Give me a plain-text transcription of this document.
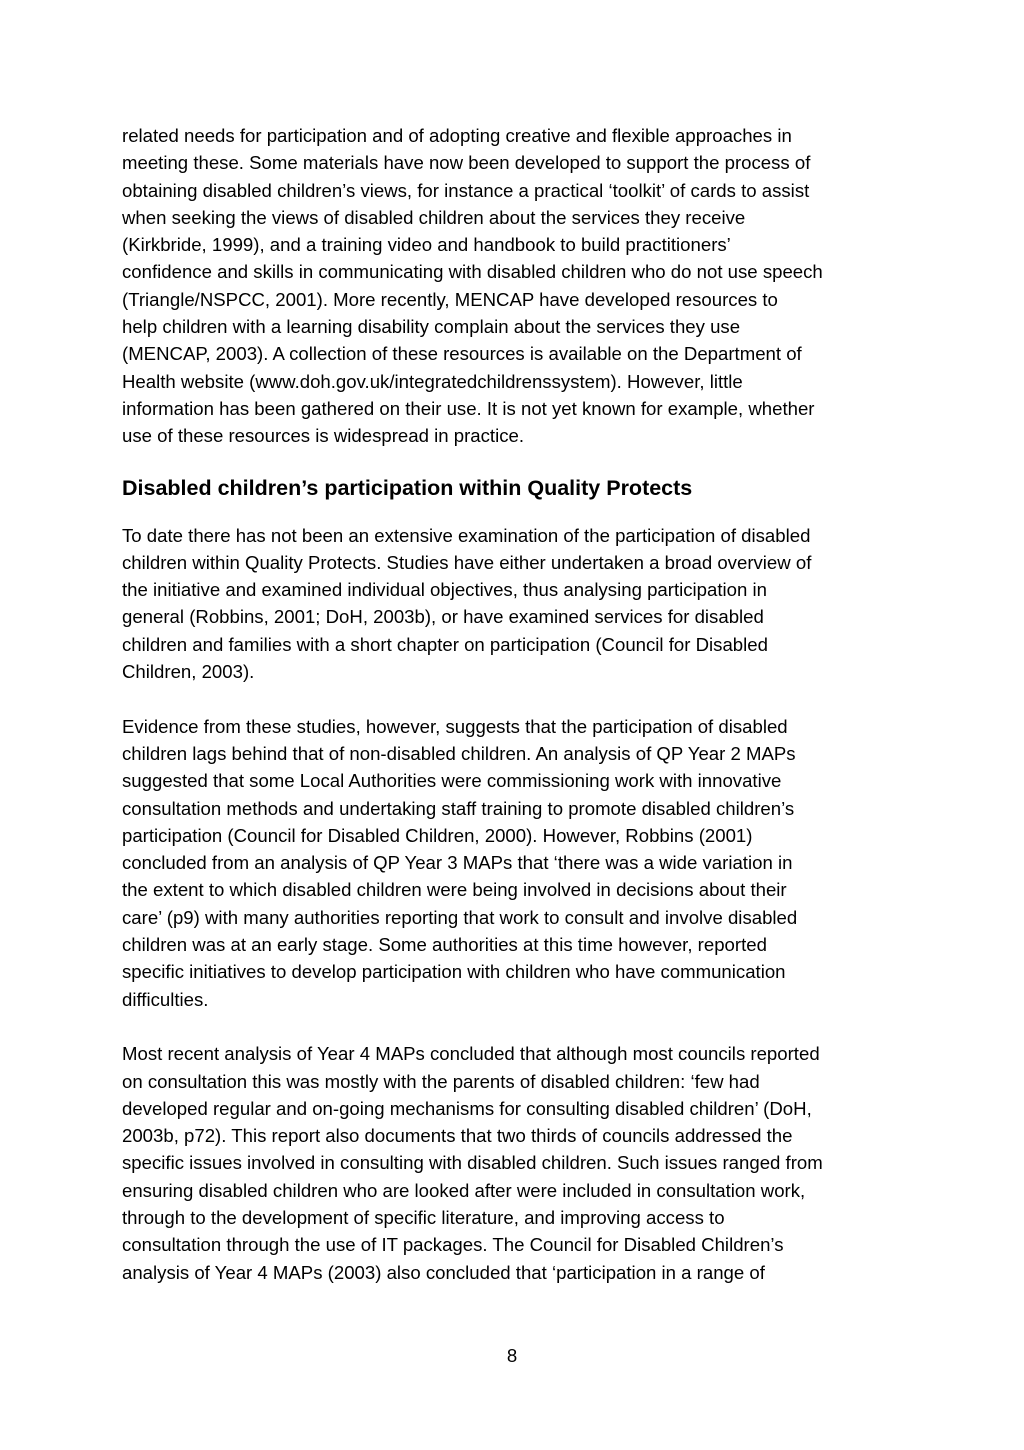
related needs for participation and of adopting creative and flexible approaches in
meeting these. Some materials have now been developed to support the process of
obtaining disabled children’s views, for instance a practical ‘toolkit’ of cards to assist
when seeking the views of disabled children about the services they receive
(Kirkbride, 1999), and a training video and handbook to build practitioners’
confidence and skills in communicating with disabled children who do not use speech
(Triangle/NSPCC, 2001). More recently, MENCAP have developed resources to
help children with a learning disability complain about the services they use
(MENCAP, 2003). A collection of these resources is available on the Department of
Health website (www.doh.gov.uk/integratedchildrenssystem). However, little
information has been gathered on their use. It is not yet known for example, whether
use of these resources is widespread in practice.
Disabled children’s participation within Quality Protects
To date there has not been an extensive examination of the participation of disabled
children within Quality Protects. Studies have either undertaken a broad overview of
the initiative and examined individual objectives, thus analysing participation in
general (Robbins, 2001; DoH, 2003b), or have examined services for disabled
children and families with a short chapter on participation (Council for Disabled
Children, 2003).
Evidence from these studies, however, suggests that the participation of disabled
children lags behind that of non-disabled children. An analysis of QP Year 2 MAPs
suggested that some Local Authorities were commissioning work with innovative
consultation methods and undertaking staff training to promote disabled children’s
participation (Council for Disabled Children, 2000). However, Robbins (2001)
concluded from an analysis of QP Year 3 MAPs that ‘there was a wide variation in
the extent to which disabled children were being involved in decisions about their
care’ (p9) with many authorities reporting that work to consult and involve disabled
children was at an early stage. Some authorities at this time however, reported
specific initiatives to develop participation with children who have communication
difficulties.
Most recent analysis of Year 4 MAPs concluded that although most councils reported
on consultation this was mostly with the parents of disabled children: ‘few had
developed regular and on-going mechanisms for consulting disabled children’ (DoH,
2003b, p72). This report also documents that two thirds of councils addressed the
specific issues involved in consulting with disabled children. Such issues ranged from
ensuring disabled children who are looked after were included in consultation work,
through to the development of specific literature, and improving access to
consultation through the use of IT packages. The Council for Disabled Children’s
analysis of Year 4 MAPs (2003) also concluded that ‘participation in a range of
8
